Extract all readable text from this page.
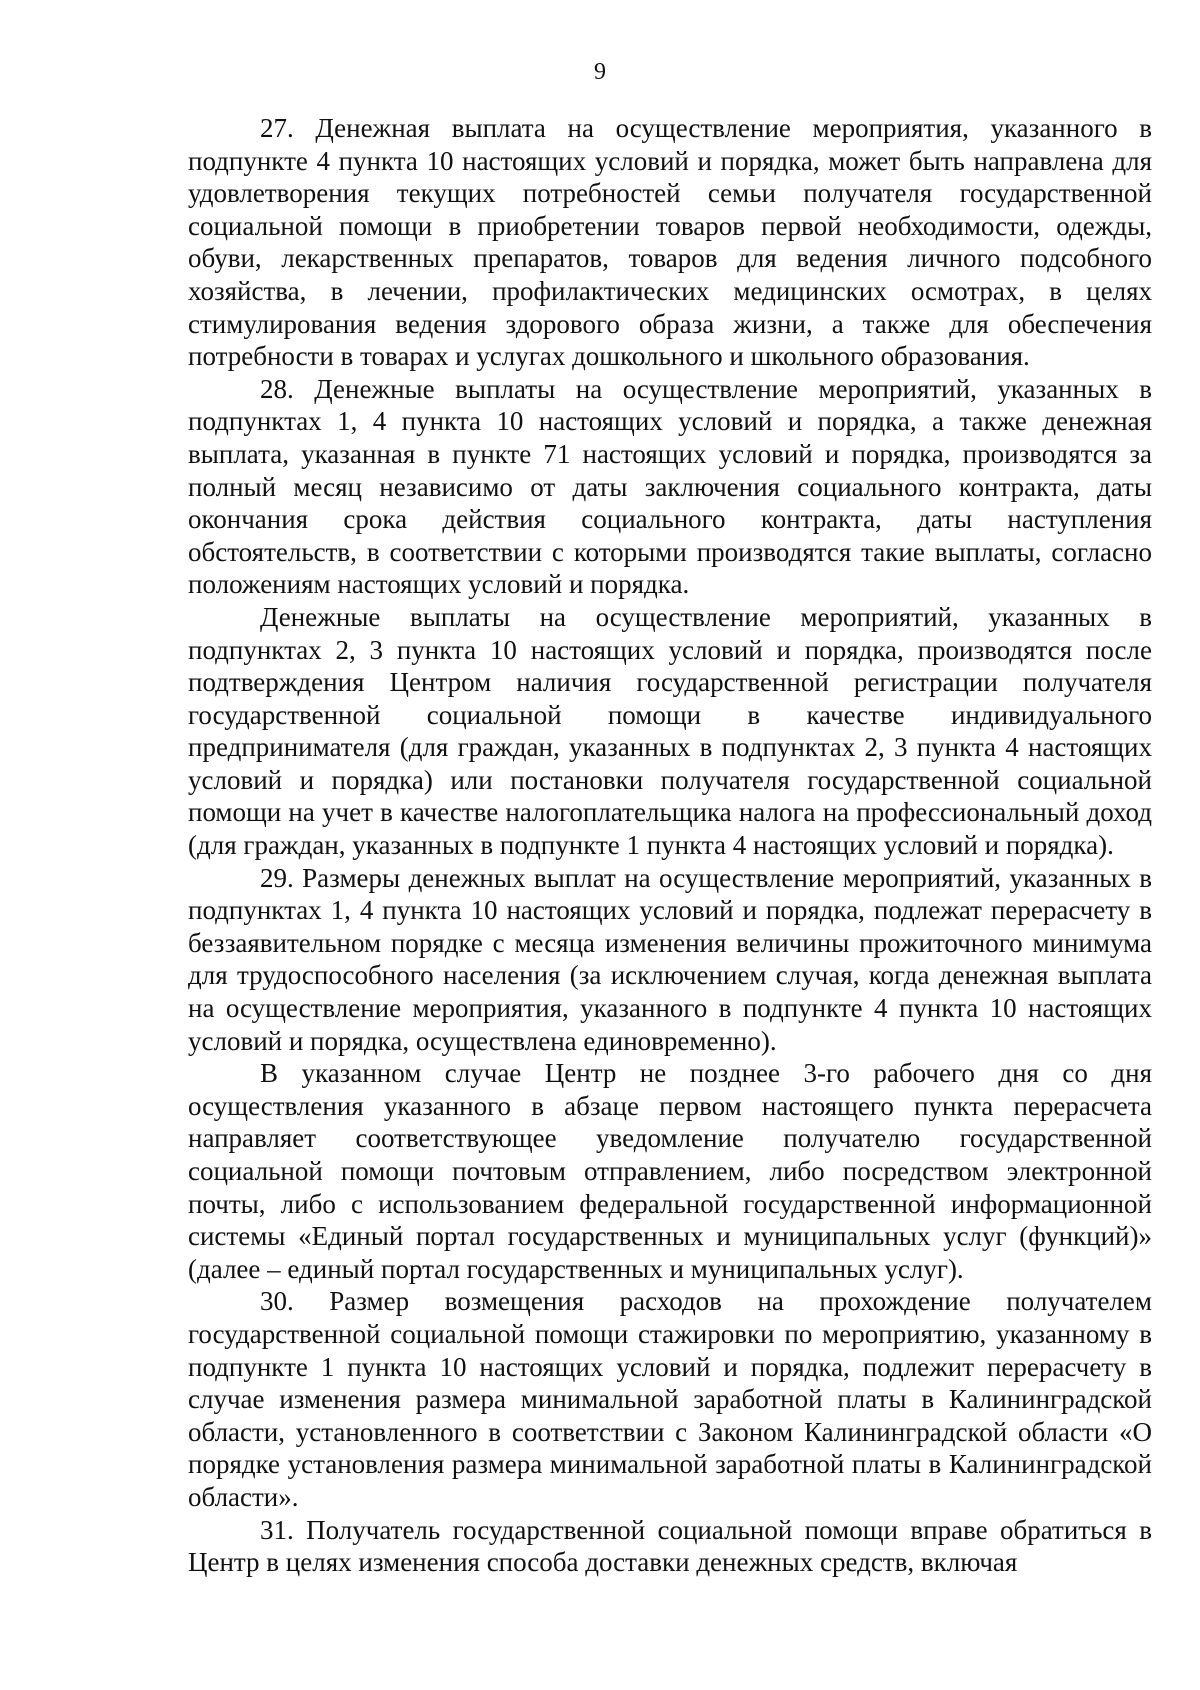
9

27. Денежная выплата на осуществление мероприятия, указанного в подпункте 4 пункта 10 настоящих условий и порядка, может быть направлена для удовлетворения текущих потребностей семьи получателя государственной социальной помощи в приобретении товаров первой необходимости, одежды, обуви, лекарственных препаратов, товаров для ведения личного подсобного хозяйства, в лечении, профилактических медицинских осмотрах, в целях стимулирования ведения здорового образа жизни, а также для обеспечения потребности в товарах и услугах дошкольного и школьного образования.

28. Денежные выплаты на осуществление мероприятий, указанных в подпунктах 1, 4 пункта 10 настоящих условий и порядка, а также денежная выплата, указанная в пункте 71 настоящих условий и порядка, производятся за полный месяц независимо от даты заключения социального контракта, даты окончания срока действия социального контракта, даты наступления обстоятельств, в соответствии с которыми производятся такие выплаты, согласно положениям настоящих условий и порядка.

Денежные выплаты на осуществление мероприятий, указанных в подпунктах 2, 3 пункта 10 настоящих условий и порядка, производятся после подтверждения Центром наличия государственной регистрации получателя государственной социальной помощи в качестве индивидуального предпринимателя (для граждан, указанных в подпунктах 2, 3 пункта 4 настоящих условий и порядка) или постановки получателя государственной социальной помощи на учет в качестве налогоплательщика налога на профессиональный доход (для граждан, указанных в подпункте 1 пункта 4 настоящих условий и порядка).

29. Размеры денежных выплат на осуществление мероприятий, указанных в подпунктах 1, 4 пункта 10 настоящих условий и порядка, подлежат перерасчету в беззаявительном порядке с месяца изменения величины прожиточного минимума для трудоспособного населения (за исключением случая, когда денежная выплата на осуществление мероприятия, указанного в подпункте 4 пункта 10 настоящих условий и порядка, осуществлена единовременно).

В указанном случае Центр не позднее 3-го рабочего дня со дня осуществления указанного в абзаце первом настоящего пункта перерасчета направляет соответствующее уведомление получателю государственной социальной помощи почтовым отправлением, либо посредством электронной почты, либо с использованием федеральной государственной информационной системы «Единый портал государственных и муниципальных услуг (функций)» (далее – единый портал государственных и муниципальных услуг).

30. Размер возмещения расходов на прохождение получателем государственной социальной помощи стажировки по мероприятию, указанному в подпункте 1 пункта 10 настоящих условий и порядка, подлежит перерасчету в случае изменения размера минимальной заработной платы в Калининградской области, установленного в соответствии с Законом Калининградской области «О порядке установления размера минимальной заработной платы в Калининградской области».

31. Получатель государственной социальной помощи вправе обратиться в Центр в целях изменения способа доставки денежных средств, включая
